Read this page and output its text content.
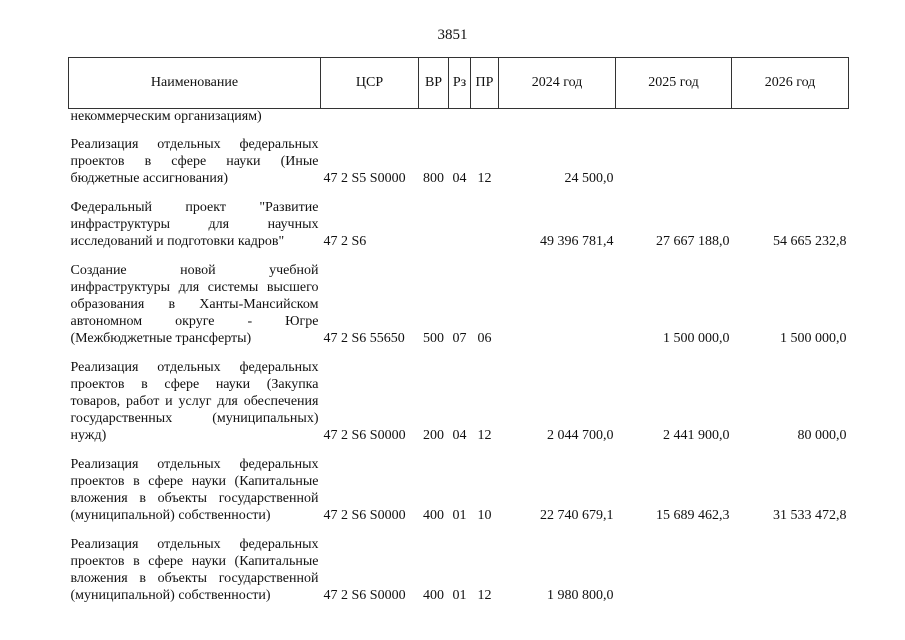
3851
Наименование	ЦСР	ВР	Рз	ПР	2024 год	2025 год	2026 год
некоммерческим организациям)							
Реализация отдельных федеральных проектов в сфере науки (Иные бюджетные ассигнования)	47 2 S5 S0000	800	04	12	24 500,0		
Федеральный проект "Развитие инфраструктуры для научных исследований и подготовки кадров"	47 2 S6				49 396 781,4	27 667 188,0	54 665 232,8
Создание новой учебной инфраструктуры для системы высшего образования в Ханты-Мансийском автономном округе - Югре (Межбюджетные трансферты)	47 2 S6 55650	500	07	06		1 500 000,0	1 500 000,0
Реализация отдельных федеральных проектов в сфере науки (Закупка товаров, работ и услуг для обеспечения государственных (муниципальных) нужд)	47 2 S6 S0000	200	04	12	2 044 700,0	2 441 900,0	80 000,0
Реализация отдельных федеральных проектов в сфере науки (Капитальные вложения в объекты государственной (муниципальной) собственности)	47 2 S6 S0000	400	01	10	22 740 679,1	15 689 462,3	31 533 472,8
Реализация отдельных федеральных проектов в сфере науки (Капитальные вложения в объекты государственной (муниципальной) собственности)	47 2 S6 S0000	400	01	12	1 980 800,0		
